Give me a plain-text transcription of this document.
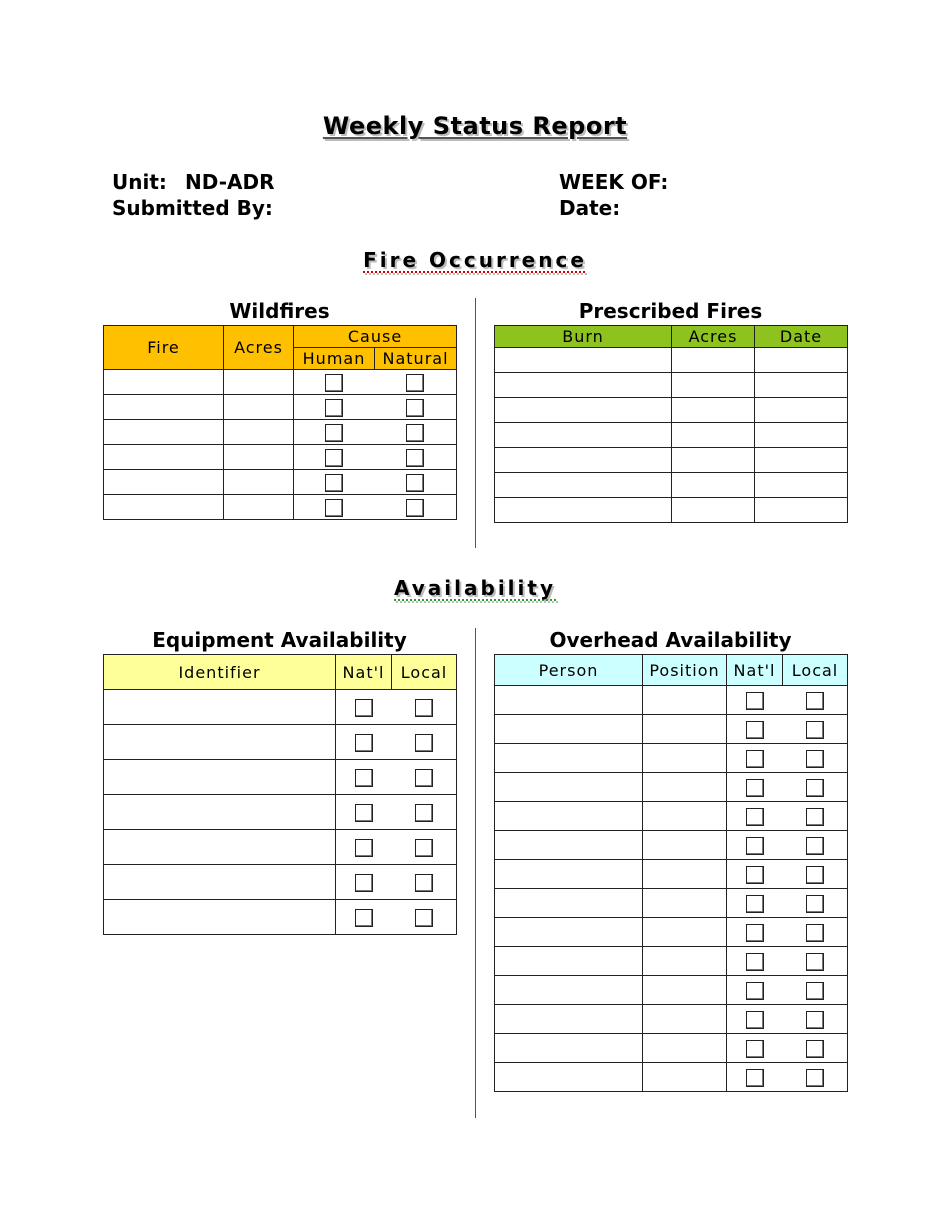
Weekly Status Report
Unit: ND-ADR
Submitted By:
WEEK OF:
Date:
Fire Occurrence
Wildfires
Fire	Acres	Cause	
		Human	Natural

Prescribed Fires
Burn	Acres	Date

Availability
Equipment Availability
Identifier	Nat'l	Local

Overhead Availability
Person	Position	Nat'l	Local
